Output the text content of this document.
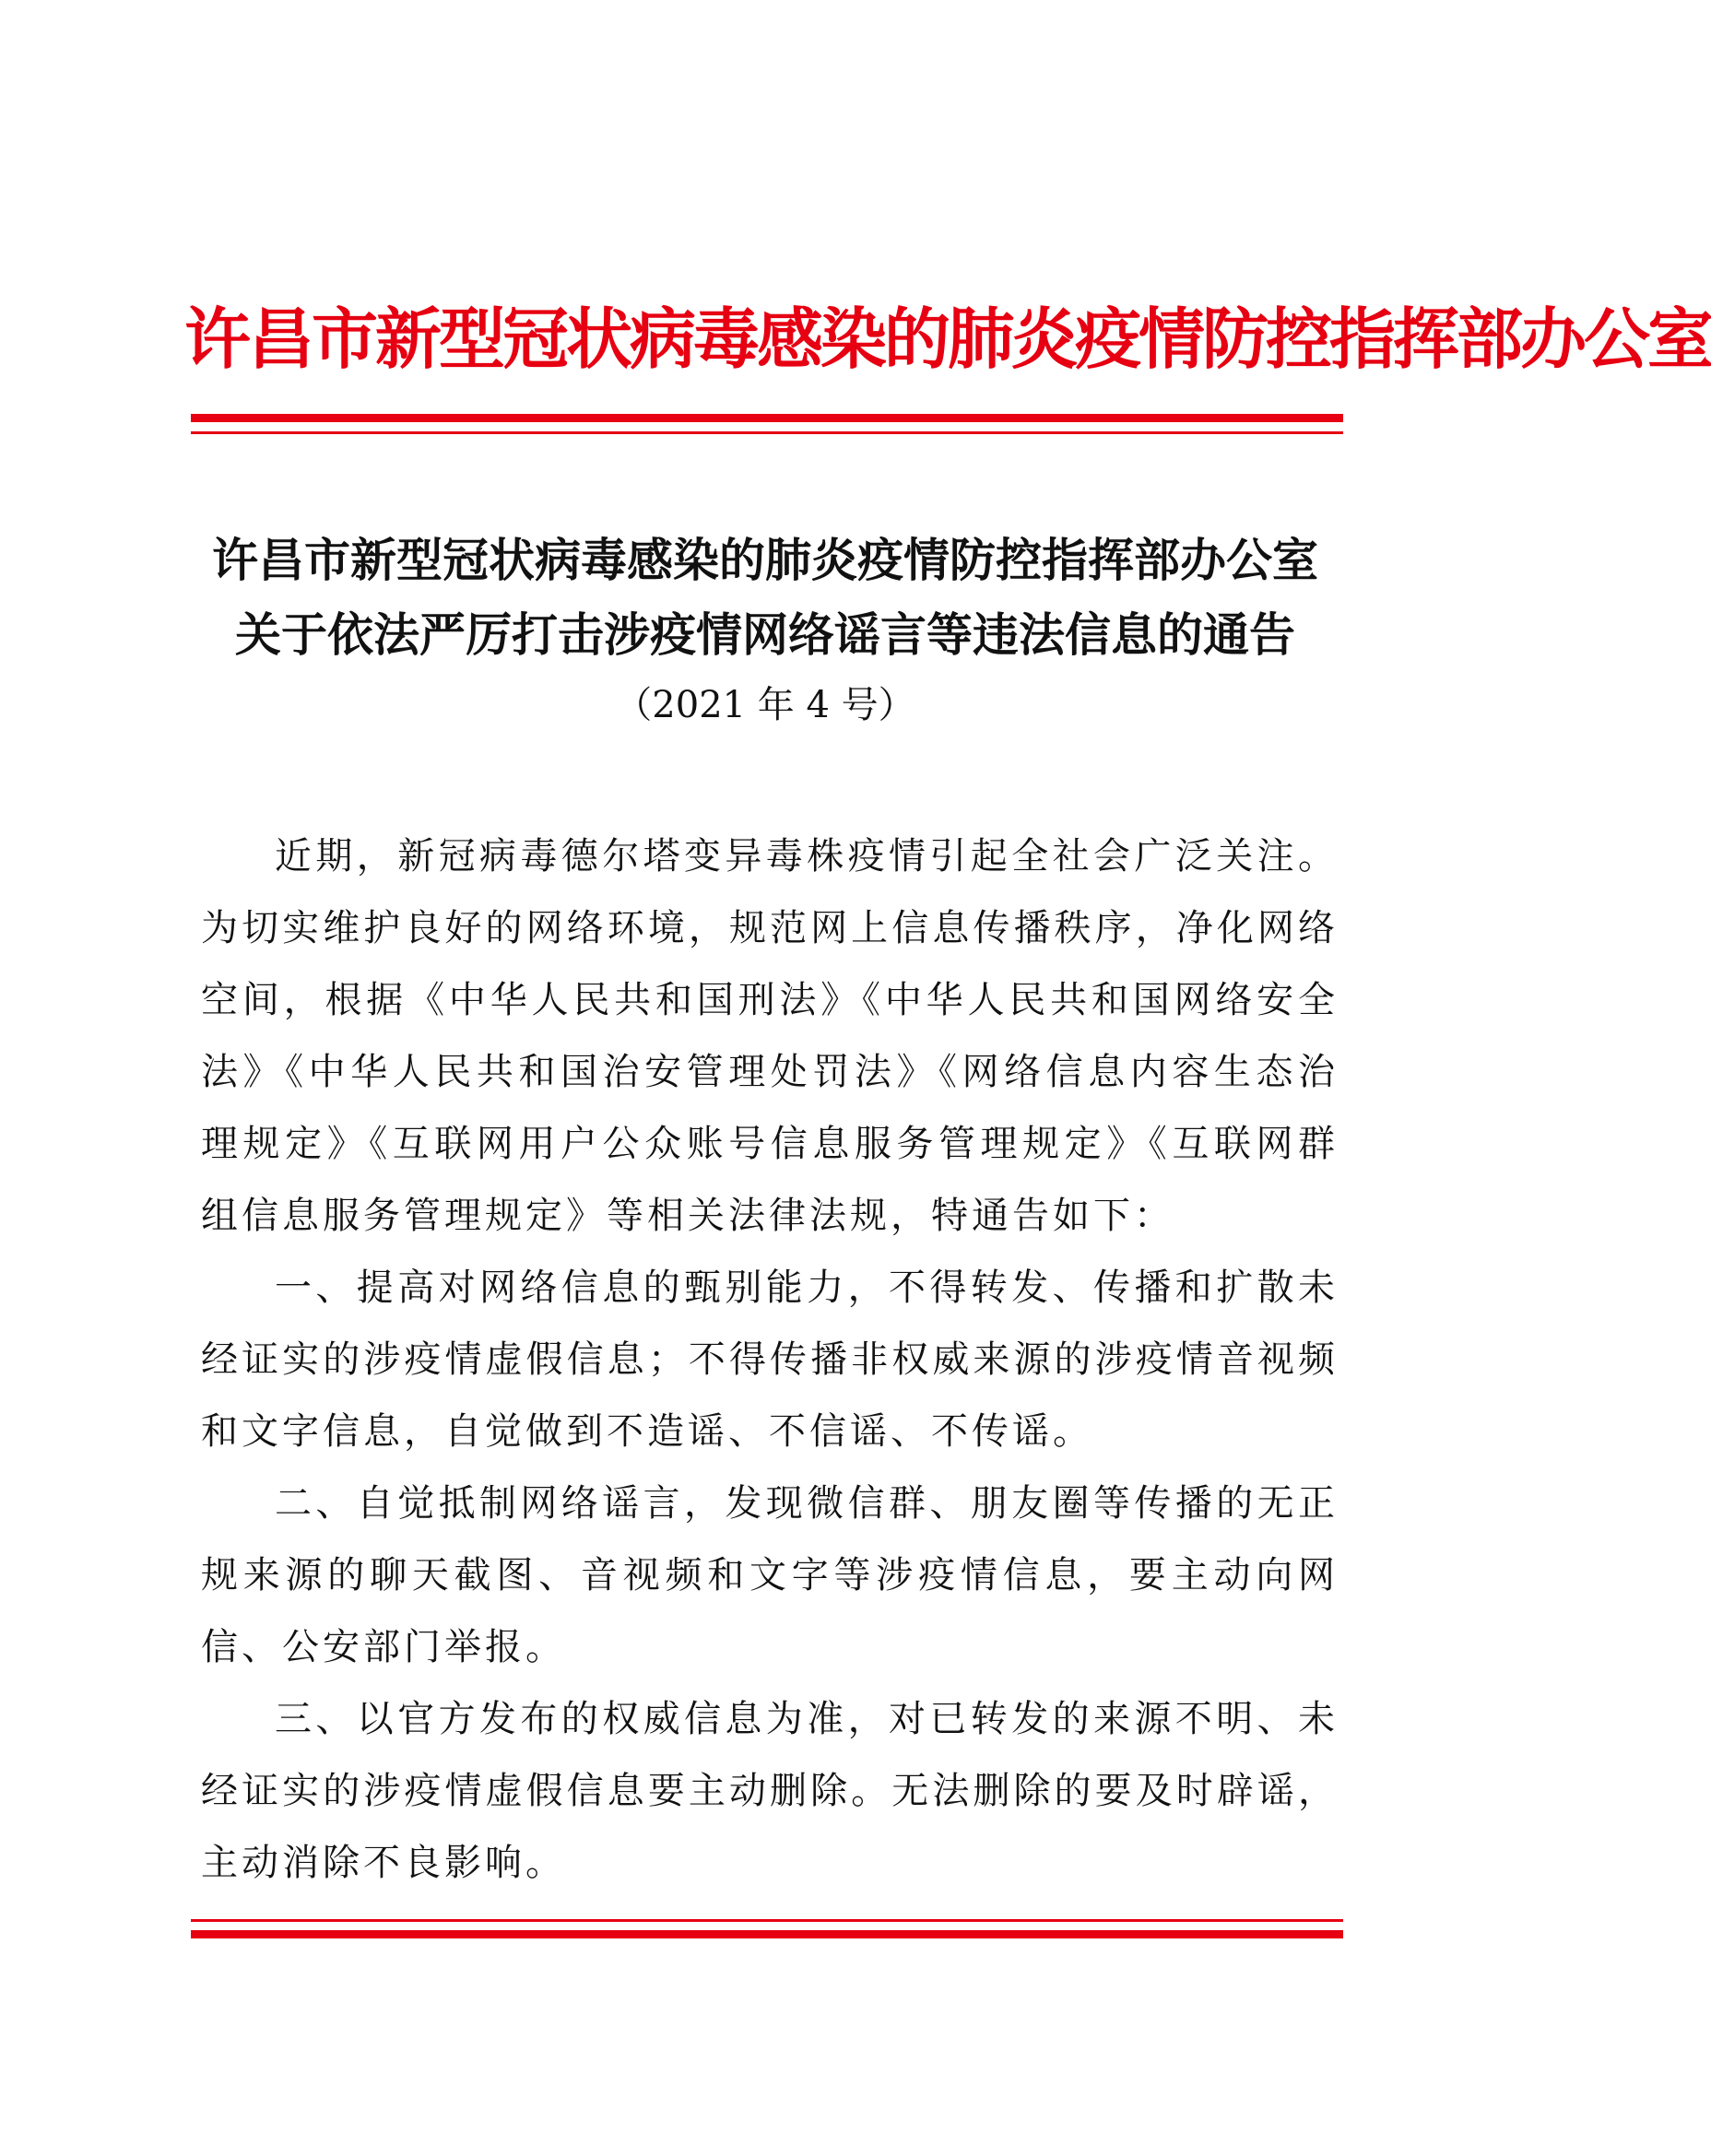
许昌市新型冠状病毒感染的肺炎疫情防控指挥部办公室
许昌市新型冠状病毒感染的肺炎疫情防控指挥部办公室
关于依法严厉打击涉疫情网络谣言等违法信息的通告
（2021 年 4 号）

近期，新冠病毒德尔塔变异毒株疫情引起全社会广泛关注。为切实维护良好的网络环境，规范网上信息传播秩序，净化网络空间，根据《中华人民共和国刑法》《中华人民共和国网络安全法》《中华人民共和国治安管理处罚法》《网络信息内容生态治理规定》《互联网用户公众账号信息服务管理规定》《互联网群组信息服务管理规定》等相关法律法规，特通告如下：

一、提高对网络信息的甄别能力，不得转发、传播和扩散未经证实的涉疫情虚假信息；不得传播非权威来源的涉疫情音视频和文字信息，自觉做到不造谣、不信谣、不传谣。

二、自觉抵制网络谣言，发现微信群、朋友圈等传播的无正规来源的聊天截图、音视频和文字等涉疫情信息，要主动向网信、公安部门举报。

三、以官方发布的权威信息为准，对已转发的来源不明、未经证实的涉疫情虚假信息要主动删除。无法删除的要及时辟谣，主动消除不良影响。
